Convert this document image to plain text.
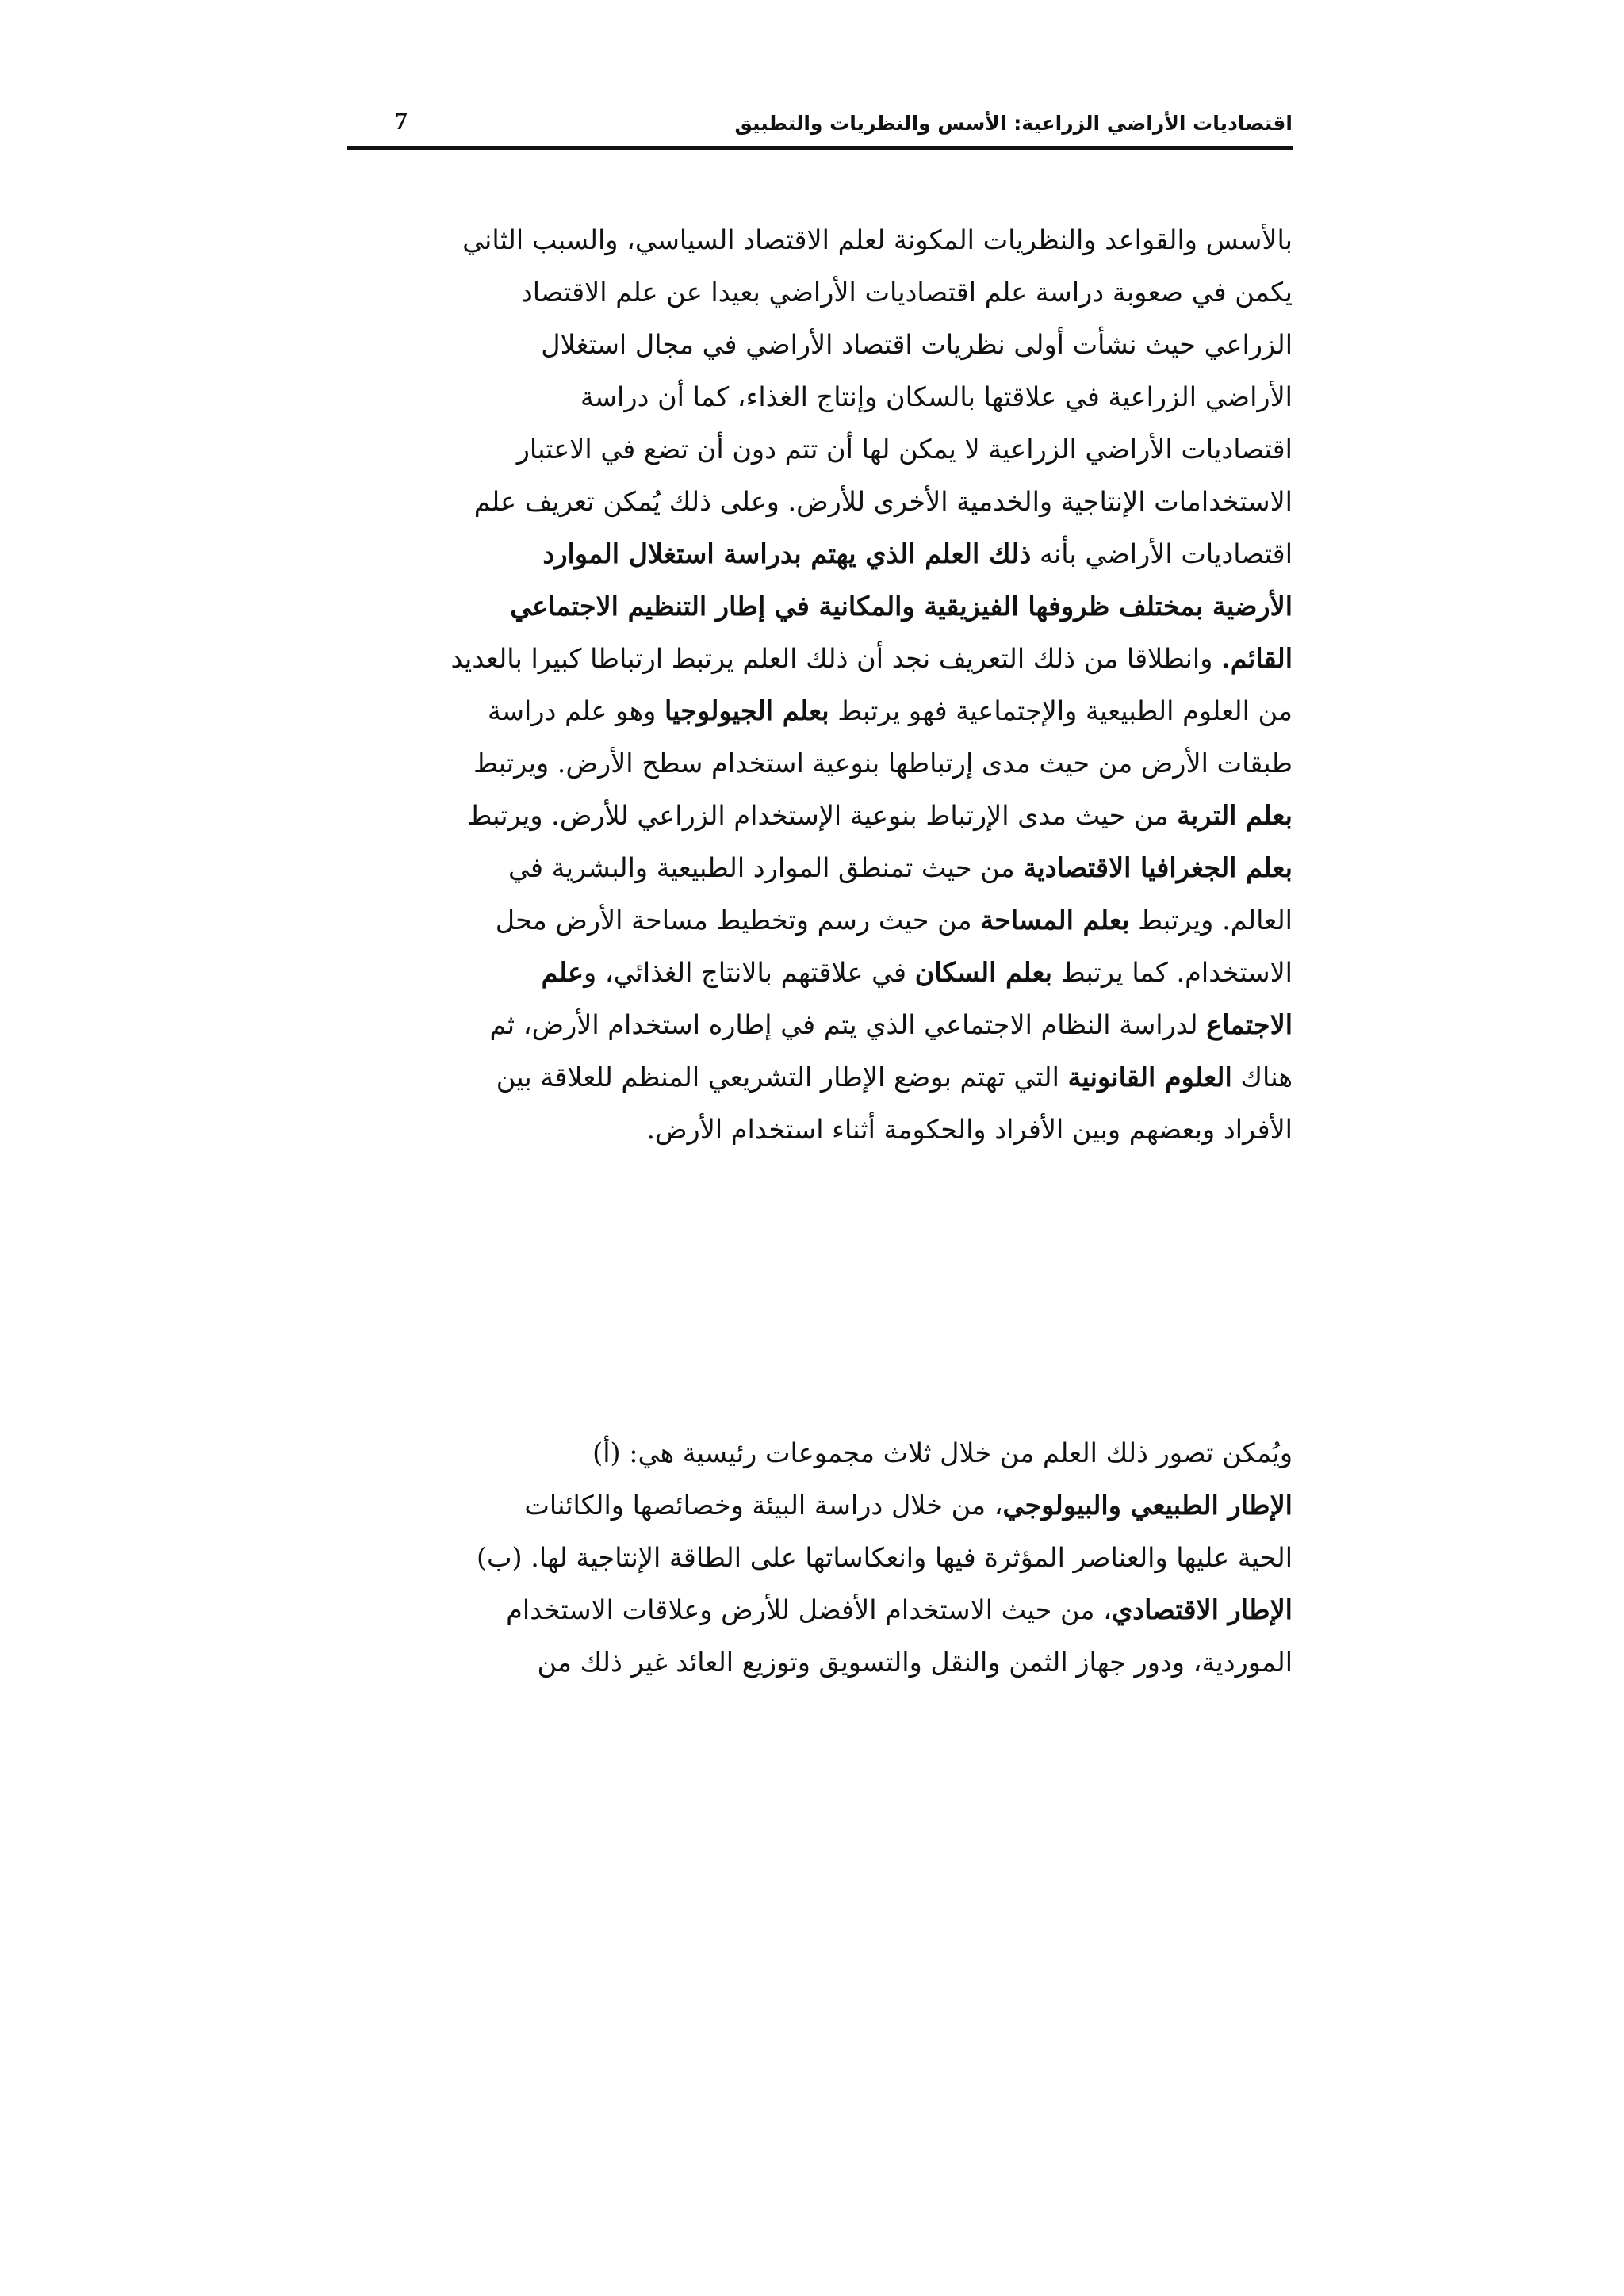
اقتصاديات الأراضي الزراعية: الأسس والنظريات والتطبيق
7
بالأسس والقواعد والنظريات المكونة لعلم الاقتصاد السياسي، والسبب الثاني
يكمن في صعوبة دراسة علم اقتصاديات الأراضي بعيدا عن علم الاقتصاد
الزراعي حيث نشأت أولى نظريات اقتصاد الأراضي في مجال استغلال
الأراضي الزراعية في علاقتها بالسكان وإنتاج الغذاء، كما أن دراسة
اقتصاديات الأراضي الزراعية لا يمكن لها أن تتم دون أن تضع في الاعتبار
الاستخدامات الإنتاجية والخدمية الأخرى للأرض. وعلى ذلك يُمكن تعريف علم
اقتصاديات الأراضي بأنه ذلك العلم الذي يهتم بدراسة استغلال الموارد
الأرضية بمختلف ظروفها الفيزيقية والمكانية في إطار التنظيم الاجتماعي
القائم. وانطلاقا من ذلك التعريف نجد أن ذلك العلم يرتبط ارتباطا كبيرا بالعديد
من العلوم الطبيعية والإجتماعية فهو يرتبط بعلم الجيولوجيا وهو علم دراسة
طبقات الأرض من حيث مدى إرتباطها بنوعية استخدام سطح الأرض. ويرتبط
بعلم التربة من حيث مدى الإرتباط بنوعية الإستخدام الزراعي للأرض. ويرتبط
بعلم الجغرافيا الاقتصادية من حيث تمنطق الموارد الطبيعية والبشرية في
العالم. ويرتبط بعلم المساحة من حيث رسم وتخطيط مساحة الأرض محل
الاستخدام. كما يرتبط بعلم السكان في علاقتهم بالانتاج الغذائي، وعلم
الاجتماع لدراسة النظام الاجتماعي الذي يتم في إطاره استخدام الأرض، ثم
هناك العلوم القانونية التي تهتم بوضع الإطار التشريعي المنظم للعلاقة بين
الأفراد وبعضهم وبين الأفراد والحكومة أثناء استخدام الأرض.
ويُمكن تصور ذلك العلم من خلال ثلاث مجموعات رئيسية هي: (أ)
الإطار الطبيعي والبيولوجي، من خلال دراسة البيئة وخصائصها والكائنات
الحية عليها والعناصر المؤثرة فيها وانعكاساتها على الطاقة الإنتاجية لها. (ب)
الإطار الاقتصادي، من حيث الاستخدام الأفضل للأرض وعلاقات الاستخدام
الموردية، ودور جهاز الثمن والنقل والتسويق وتوزيع العائد غير ذلك من
